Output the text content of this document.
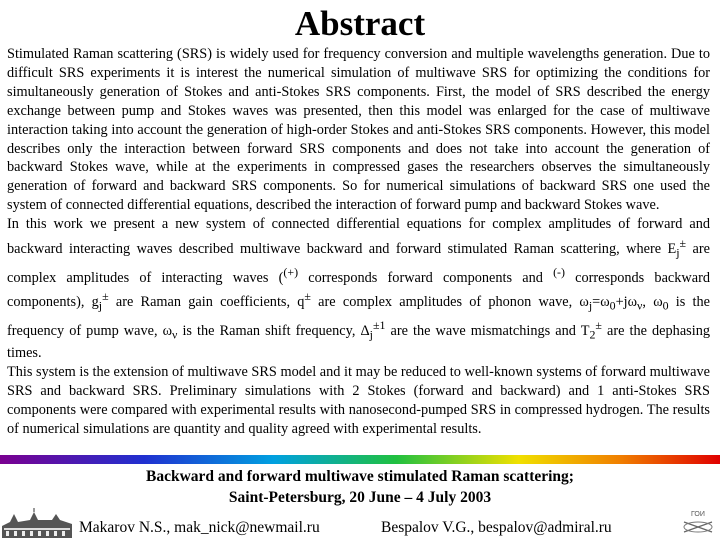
Abstract

Stimulated Raman scattering (SRS) is widely used for frequency conversion and multiple wavelengths generation. Due to difficult SRS experiments it is interest the numerical simulation of multiwave SRS for optimizing the conditions for simultaneously generation of Stokes and anti-Stokes SRS components. First, the model of SRS described the energy exchange between pump and Stokes waves was presented, then this model was enlarged for the case of multiwave interaction taking into account the generation of high-order Stokes and anti-Stokes SRS components. However, this model describes only the interaction between forward SRS components and does not take into account the generation of backward Stokes wave, while at the experiments in compressed gases the researchers observes the simultaneously generation of forward and backward SRS components. So for numerical simulations of backward SRS one used the system of connected differential equations, described the interaction of forward pump and backward Stokes wave.

In this work we present a new system of connected differential equations for complex amplitudes of forward and backward interacting waves described multiwave backward and forward stimulated Raman scattering, where $E_j^\pm$ are complex amplitudes of interacting waves ((+) corresponds forward components and (-) corresponds backward components), $g_j^\pm$ are Raman gain coefficients, q± are complex amplitudes of phonon wave, $\omega_j=\omega_0+j\omega_\nu$, $\omega_0$ is the frequency of pump wave, $\omega_\nu$ is the Raman shift frequency, $\Delta_j^{\pm 1}$ are the wave mismatchings and $T_2^\pm$ are the dephasing times.

This system is the extension of multiwave SRS model and it may be reduced to well-known systems of forward multiwave SRS and backward SRS. Preliminary simulations with 2 Stokes (forward and backward) and 1 anti-Stokes SRS components were compared with experimental results with nanosecond-pumped SRS in compressed hydrogen. The results of numerical simulations are quantity and quality agreed with experimental results.

Backward and forward multiwave stimulated Raman scattering;
Saint-Petersburg, 20 June – 4 July 2003
Makarov N.S., mak_nick@newmail.ru	Bespalov V.G., bespalov@admiral.ru
ГОИ
